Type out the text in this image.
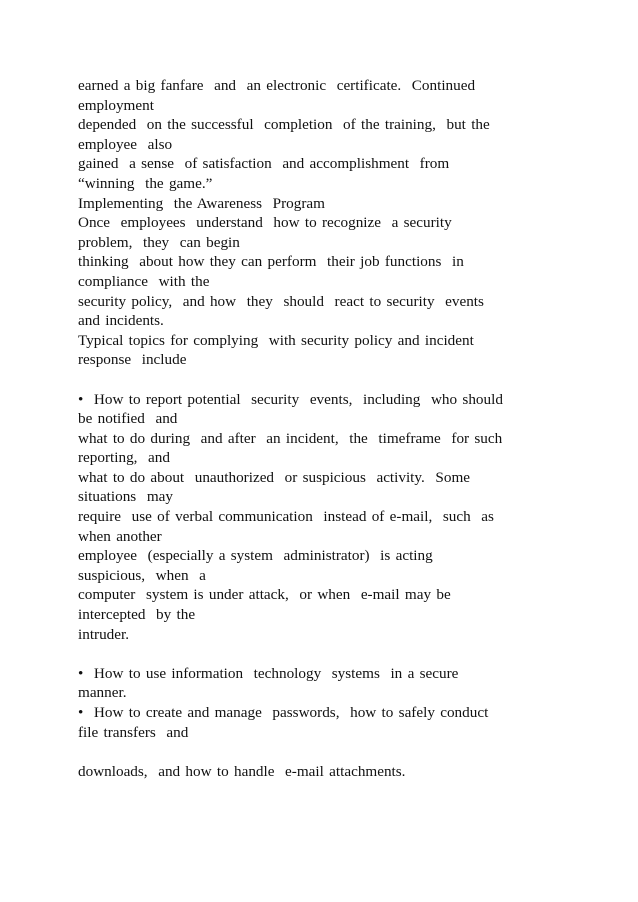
earned a big fanfare  and  an electronic  certificate.  Continued
employment
depended  on the successful  completion  of the training,  but the
employee  also
gained  a sense  of satisfaction  and accomplishment  from
“winning  the game.”
Implementing  the Awareness  Program
Once  employees  understand  how to recognize  a security
problem,  they  can begin
thinking  about how they can perform  their job functions  in
compliance  with the
security policy,  and how  they  should  react to security  events
and incidents.
Typical topics for complying  with security policy and incident
response  include
•  How to report potential  security  events,  including  who should
be notified  and
what to do during  and after  an incident,  the  timeframe  for such
reporting,  and
what to do about  unauthorized  or suspicious  activity.  Some
situations  may
require  use of verbal communication  instead of e-mail,  such  as
when another
employee  (especially a system  administrator)  is acting
suspicious,  when  a
computer  system is under attack,  or when  e-mail may be
intercepted  by the
intruder.
•  How to use information  technology  systems  in a secure
manner.
•  How to create and manage  passwords,  how to safely conduct
file transfers  and
downloads,  and how to handle  e-mail attachments.
